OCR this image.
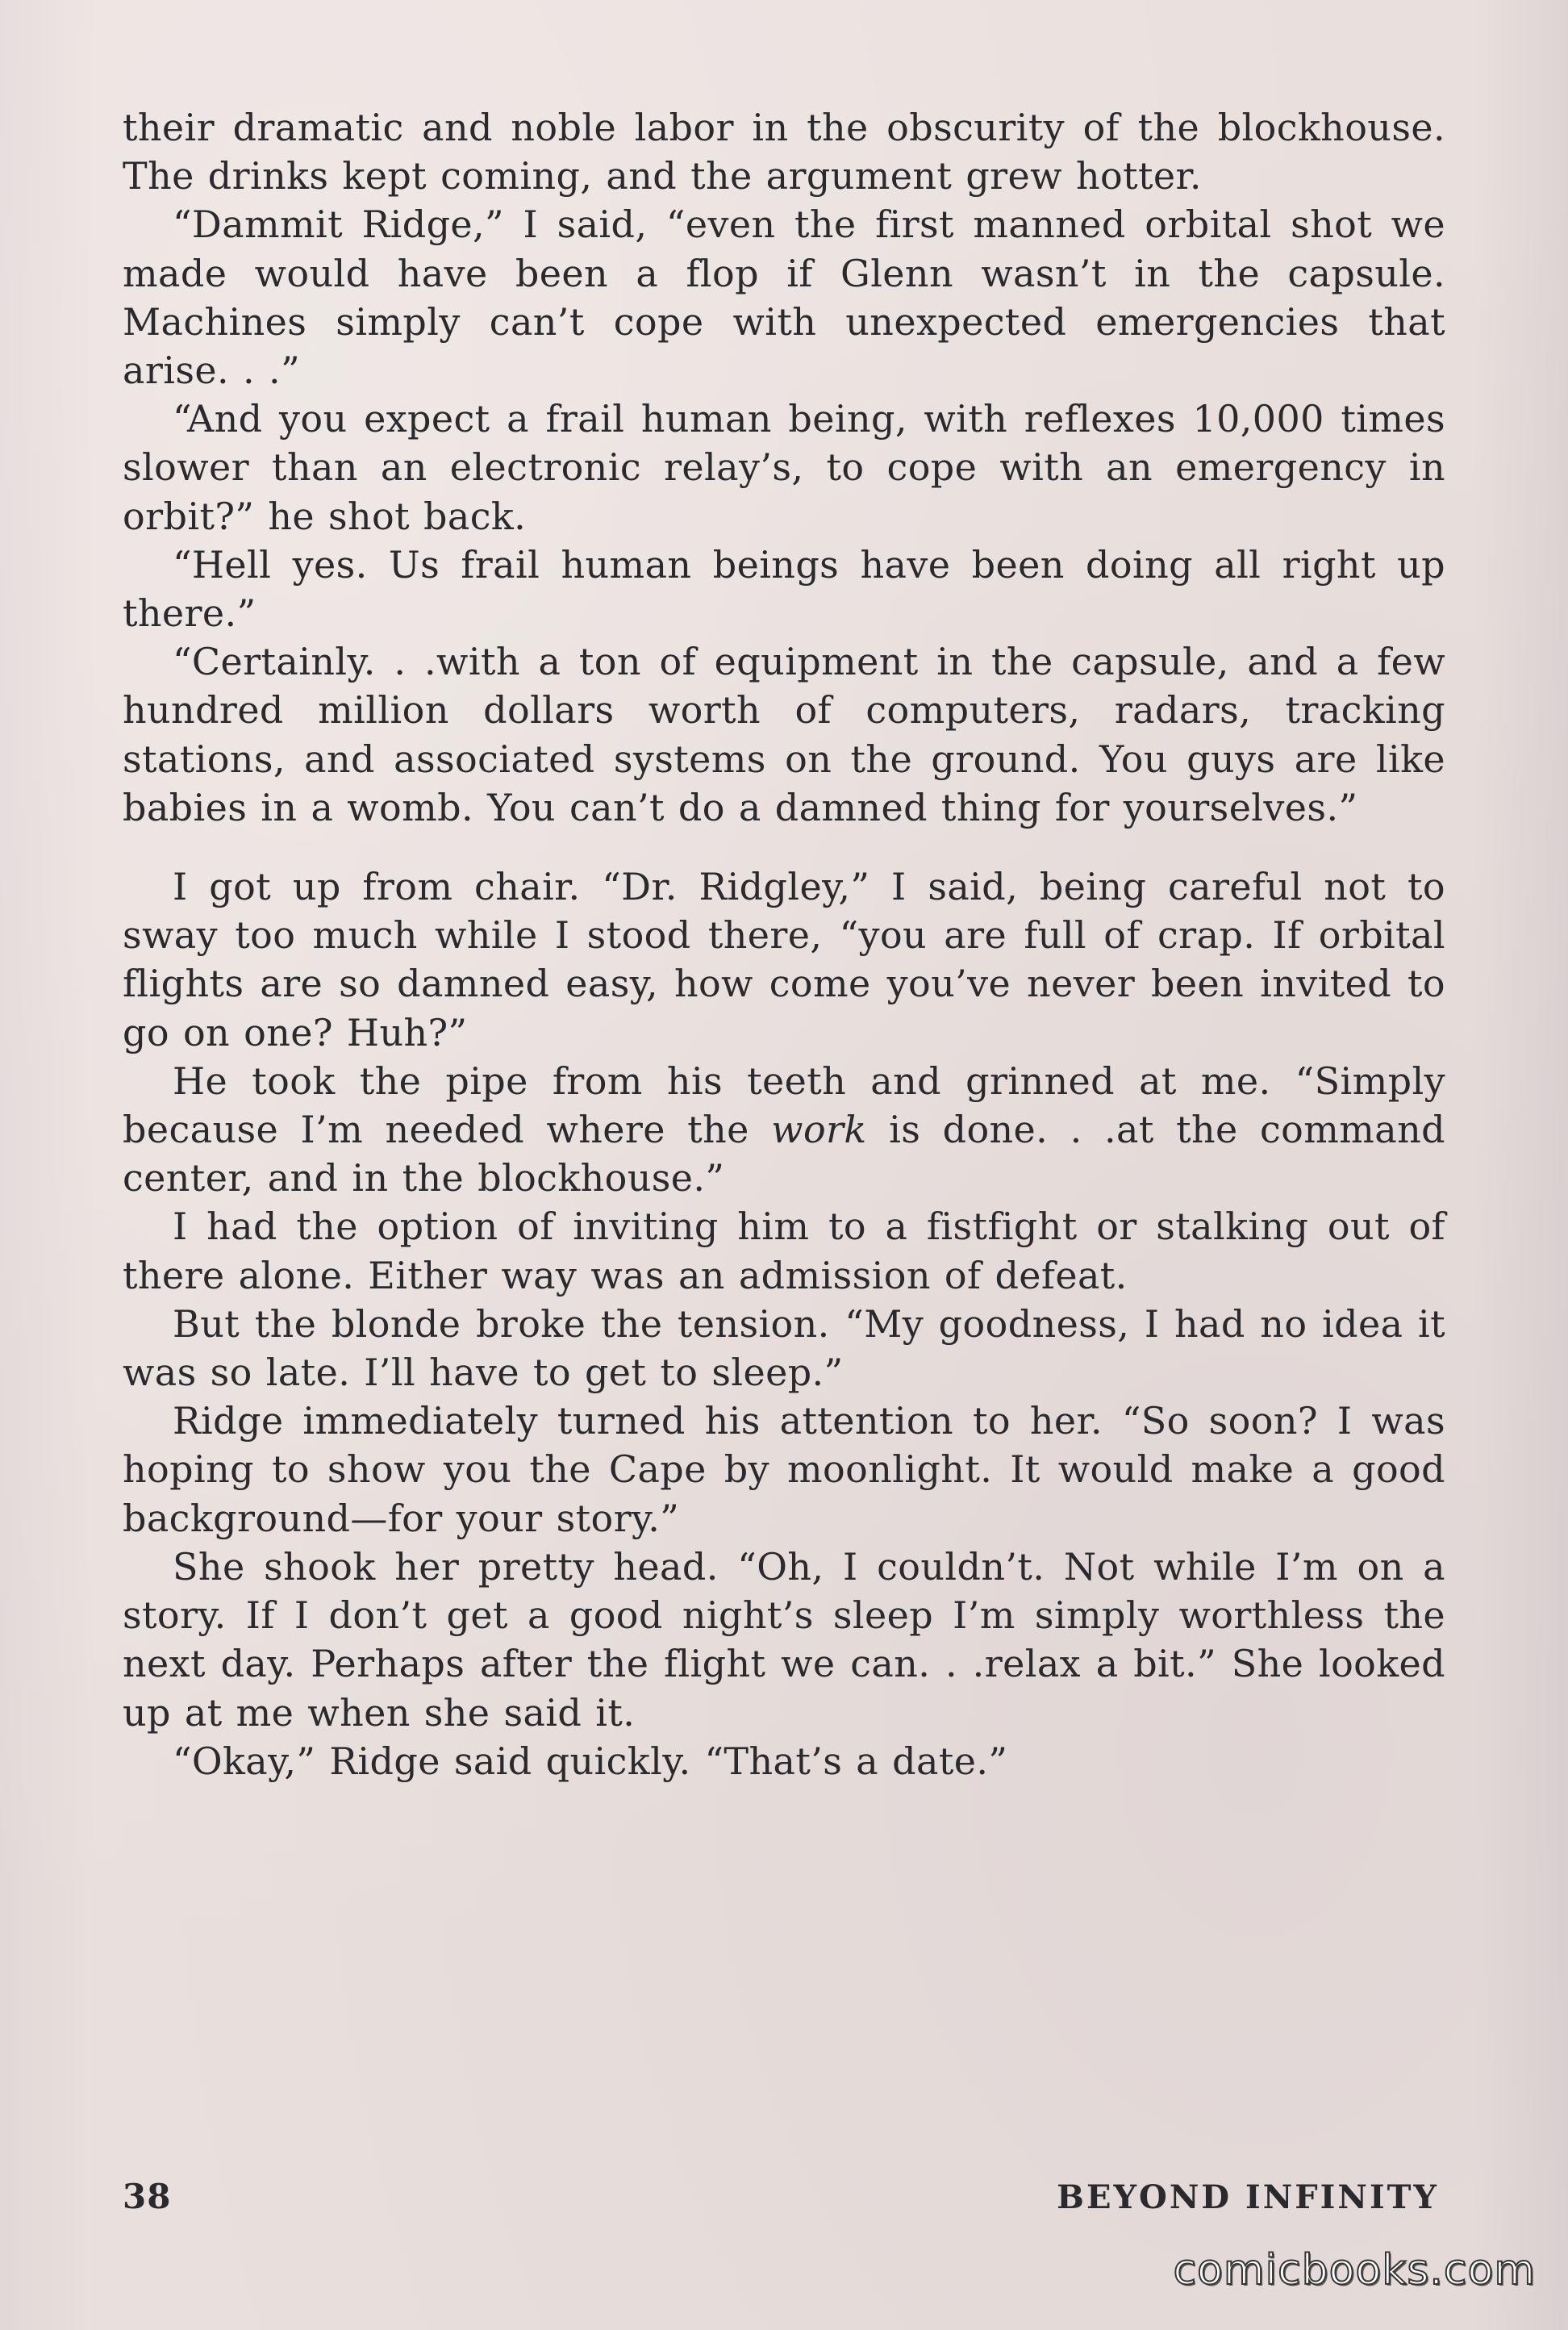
their dramatic and noble labor in the obscurity of the blockhouse. The drinks kept coming, and the argument grew hotter.

“Dammit Ridge,” I said, “even the first manned orbital shot we made would have been a flop if Glenn wasn’t in the capsule. Machines simply can’t cope with unexpected emergencies that arise. . .”

“And you expect a frail human being, with reflexes 10,000 times slower than an electronic relay’s, to cope with an emergency in orbit?” he shot back.

“Hell yes. Us frail human beings have been doing all right up there.”

“Certainly. . .with a ton of equipment in the capsule, and a few hundred million dollars worth of computers, radars, tracking stations, and associated systems on the ground. You guys are like babies in a womb. You can’t do a damned thing for yourselves.”

I got up from chair. “Dr. Ridgley,” I said, being careful not to sway too much while I stood there, “you are full of crap. If orbital flights are so damned easy, how come you’ve never been invited to go on one? Huh?”

He took the pipe from his teeth and grinned at me. “Simply because I’m needed where the work is done. . .at the command center, and in the blockhouse.”

I had the option of inviting him to a fistfight or stalking out of there alone. Either way was an admission of defeat.

But the blonde broke the tension. “My goodness, I had no idea it was so late. I’ll have to get to sleep.”

Ridge immediately turned his attention to her. “So soon? I was hoping to show you the Cape by moonlight. It would make a good background—for your story.”

She shook her pretty head. “Oh, I couldn’t. Not while I’m on a story. If I don’t get a good night’s sleep I’m simply worthless the next day. Perhaps after the flight we can. . .relax a bit.” She looked up at me when she said it.

“Okay,” Ridge said quickly. “That’s a date.”

38	BEYOND INFINITY
comicbooks.com
